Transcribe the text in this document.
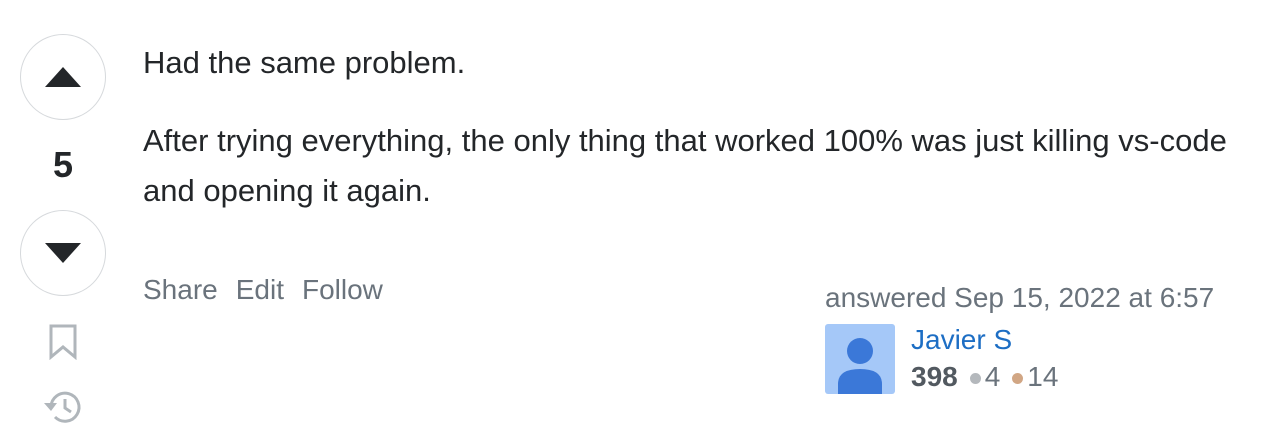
5

Had the same problem.

After trying everything, the only thing that worked 100% was just killing vs-code and opening it again.

Share Edit Follow	answered Sep 15, 2022 at 6:57
Javier S
398 4 14
